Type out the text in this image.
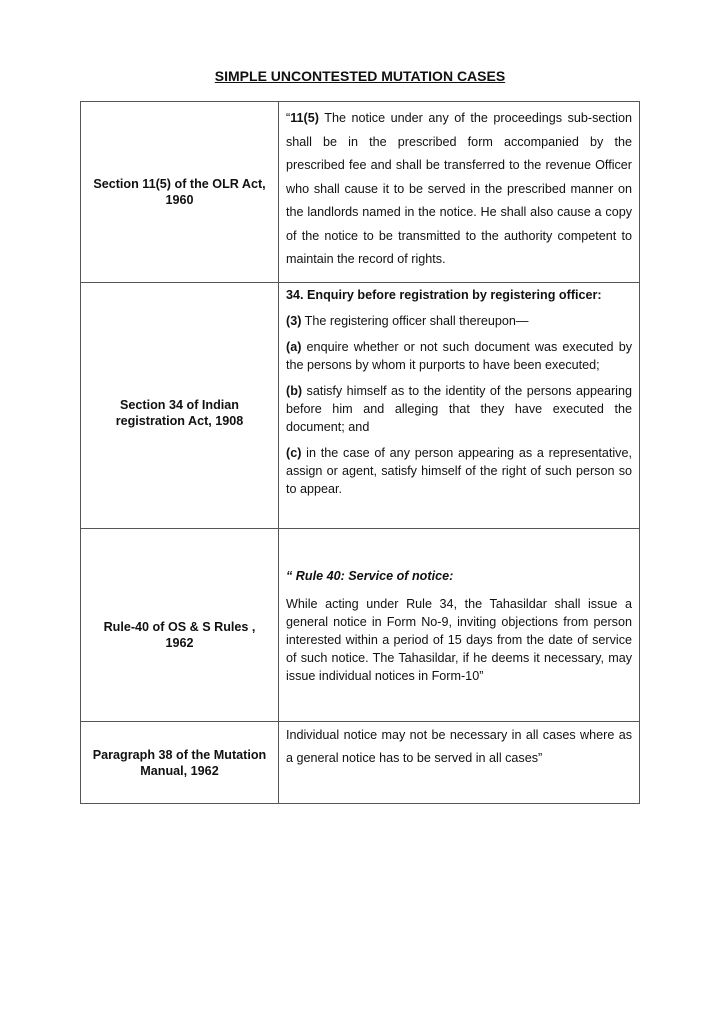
SIMPLE UNCONTESTED MUTATION CASES
Section 11(5) of the OLR Act, 1960	“11(5) The notice under any of the proceedings sub-section shall be in the prescribed form accompanied by the prescribed fee and shall be transferred to the revenue Officer who shall cause it to be served in the prescribed manner on the landlords named in the notice. He shall also cause a copy of the notice to be transmitted to the authority competent to maintain the record of rights.

Section 34 of Indian registration Act, 1908	34. Enquiry before registration by registering officer:

(3) The registering officer shall thereupon—

(a) enquire whether or not such document was executed by the persons by whom it purports to have been executed;

(b) satisfy himself as to the identity of the persons appearing before him and alleging that they have executed the document; and

(c) in the case of any person appearing as a representative, assign or agent, satisfy himself of the right of such person so to appear.

Rule-40 of OS & S Rules , 1962	“ Rule 40: Service of notice:

While acting under Rule 34, the Tahasildar shall issue a general notice in Form No-9, inviting objections from person interested within a period of 15 days from the date of service of such notice. The Tahasildar, if he deems it necessary, may issue individual notices in Form-10”

Paragraph 38 of the Mutation Manual, 1962	Individual notice may not be necessary in all cases where as a general notice has to be served in all cases”
